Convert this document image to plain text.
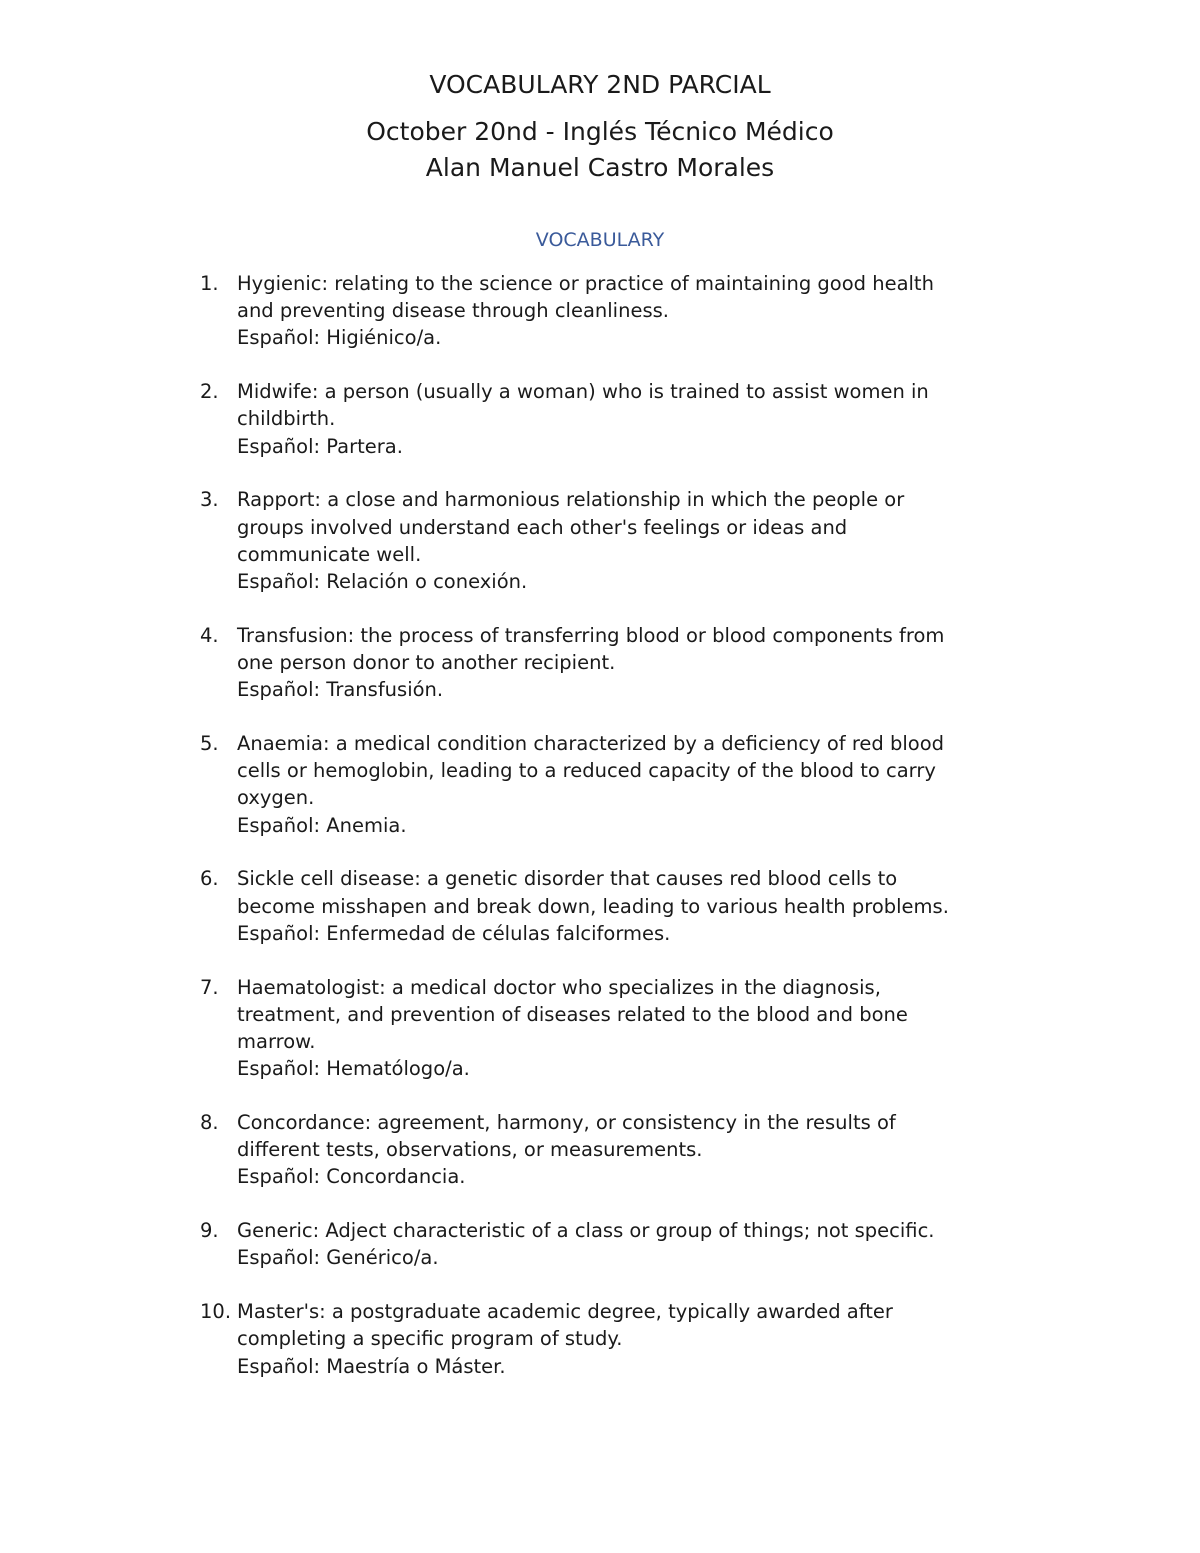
VOCABULARY 2ND PARCIAL
October 20nd - Inglés Técnico Médico
Alan Manuel Castro Morales
VOCABULARY
1. Hygienic: relating to the science or practice of maintaining good health
and preventing disease through cleanliness.
Español: Higiénico/a.
2. Midwife: a person (usually a woman) who is trained to assist women in
childbirth.
Español: Partera.
3. Rapport: a close and harmonious relationship in which the people or
groups involved understand each other's feelings or ideas and
communicate well.
Español: Relación o conexión.
4. Transfusion: the process of transferring blood or blood components from
one person donor to another recipient.
Español: Transfusión.
5. Anaemia: a medical condition characterized by a deficiency of red blood
cells or hemoglobin, leading to a reduced capacity of the blood to carry
oxygen.
Español: Anemia.
6. Sickle cell disease: a genetic disorder that causes red blood cells to
become misshapen and break down, leading to various health problems.
Español: Enfermedad de células falciformes.
7. Haematologist: a medical doctor who specializes in the diagnosis,
treatment, and prevention of diseases related to the blood and bone
marrow.
Español: Hematólogo/a.
8. Concordance: agreement, harmony, or consistency in the results of
different tests, observations, or measurements.
Español: Concordancia.
9. Generic: Adject characteristic of a class or group of things; not specific.
Español: Genérico/a.
10. Master's: a postgraduate academic degree, typically awarded after
completing a specific program of study.
Español: Maestría o Máster.
